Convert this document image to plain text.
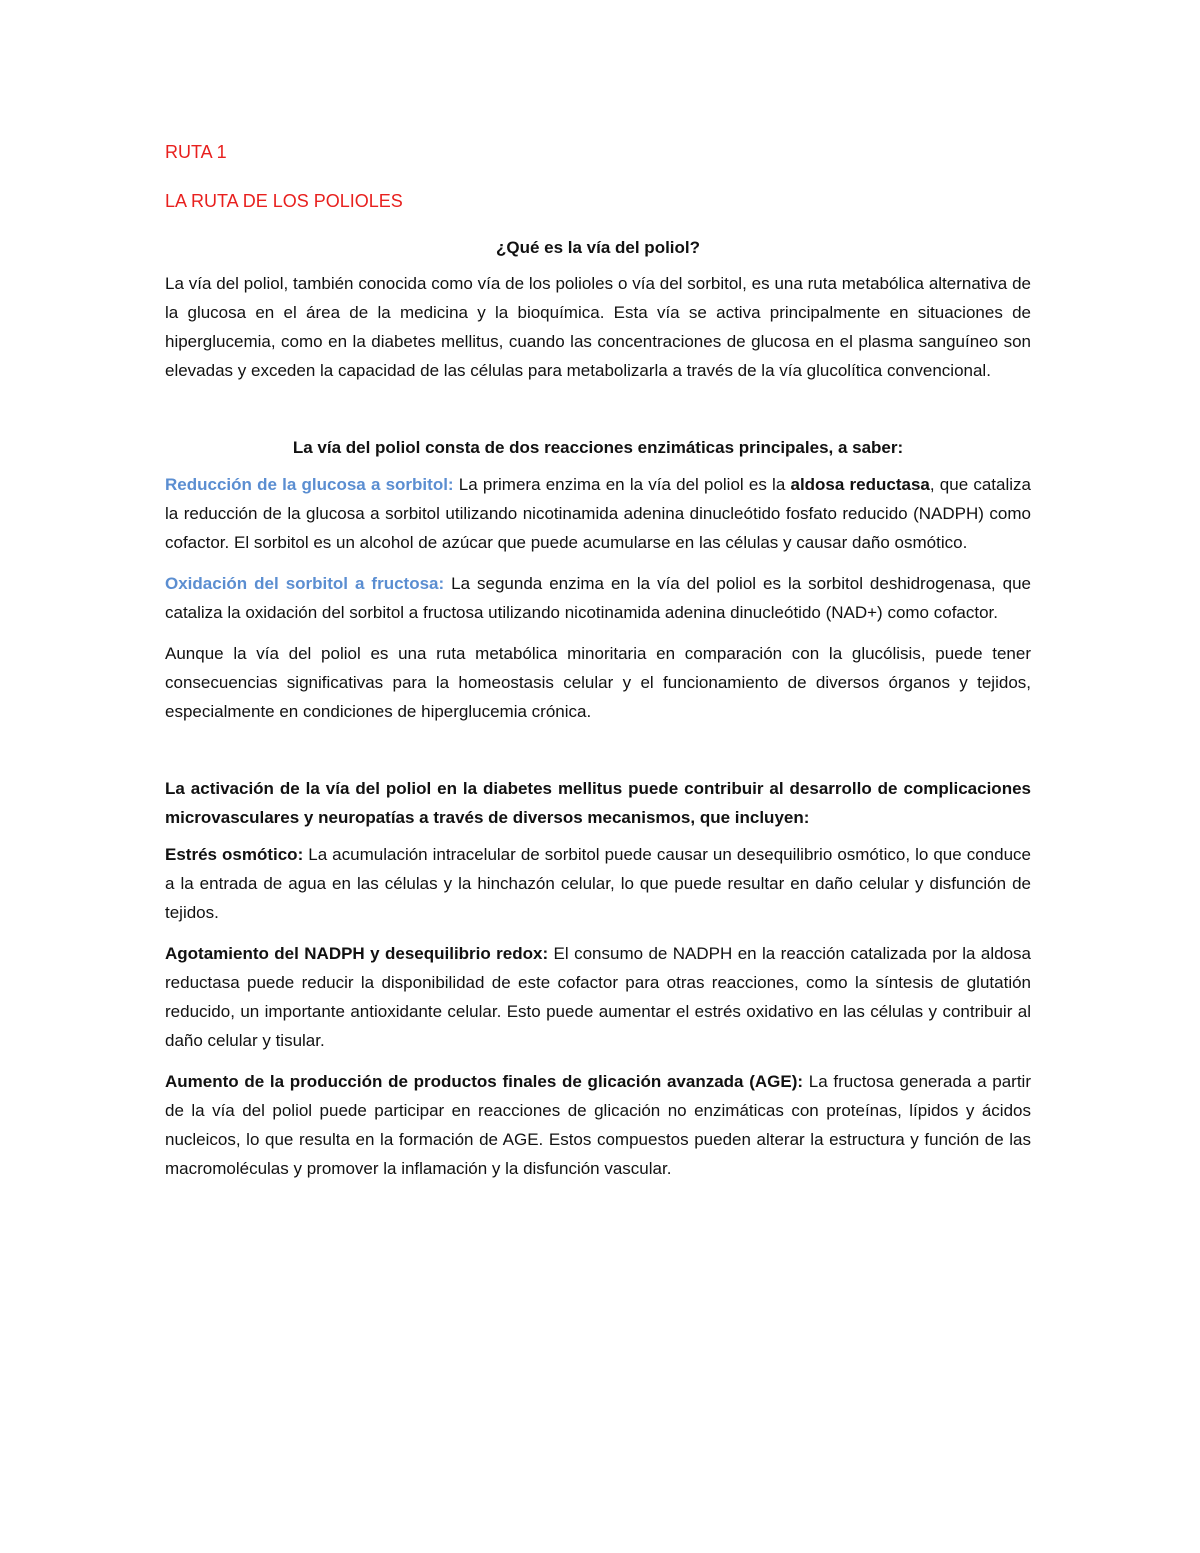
RUTA 1

LA RUTA DE LOS POLIOLES

¿Qué es la vía del poliol?

La vía del poliol, también conocida como vía de los polioles o vía del sorbitol, es una ruta metabólica alternativa de la glucosa en el área de la medicina y la bioquímica. Esta vía se activa principalmente en situaciones de hiperglucemia, como en la diabetes mellitus, cuando las concentraciones de glucosa en el plasma sanguíneo son elevadas y exceden la capacidad de las células para metabolizarla a través de la vía glucolítica convencional.

La vía del poliol consta de dos reacciones enzimáticas principales, a saber:

Reducción de la glucosa a sorbitol: La primera enzima en la vía del poliol es la aldosa reductasa, que cataliza la reducción de la glucosa a sorbitol utilizando nicotinamida adenina dinucleótido fosfato reducido (NADPH) como cofactor. El sorbitol es un alcohol de azúcar que puede acumularse en las células y causar daño osmótico.

Oxidación del sorbitol a fructosa: La segunda enzima en la vía del poliol es la sorbitol deshidrogenasa, que cataliza la oxidación del sorbitol a fructosa utilizando nicotinamida adenina dinucleótido (NAD+) como cofactor.

Aunque la vía del poliol es una ruta metabólica minoritaria en comparación con la glucólisis, puede tener consecuencias significativas para la homeostasis celular y el funcionamiento de diversos órganos y tejidos, especialmente en condiciones de hiperglucemia crónica.

La activación de la vía del poliol en la diabetes mellitus puede contribuir al desarrollo de complicaciones microvasculares y neuropatías a través de diversos mecanismos, que incluyen:

Estrés osmótico: La acumulación intracelular de sorbitol puede causar un desequilibrio osmótico, lo que conduce a la entrada de agua en las células y la hinchazón celular, lo que puede resultar en daño celular y disfunción de tejidos.

Agotamiento del NADPH y desequilibrio redox: El consumo de NADPH en la reacción catalizada por la aldosa reductasa puede reducir la disponibilidad de este cofactor para otras reacciones, como la síntesis de glutatión reducido, un importante antioxidante celular. Esto puede aumentar el estrés oxidativo en las células y contribuir al daño celular y tisular.

Aumento de la producción de productos finales de glicación avanzada (AGE): La fructosa generada a partir de la vía del poliol puede participar en reacciones de glicación no enzimáticas con proteínas, lípidos y ácidos nucleicos, lo que resulta en la formación de AGE. Estos compuestos pueden alterar la estructura y función de las macromoléculas y promover la inflamación y la disfunción vascular.
